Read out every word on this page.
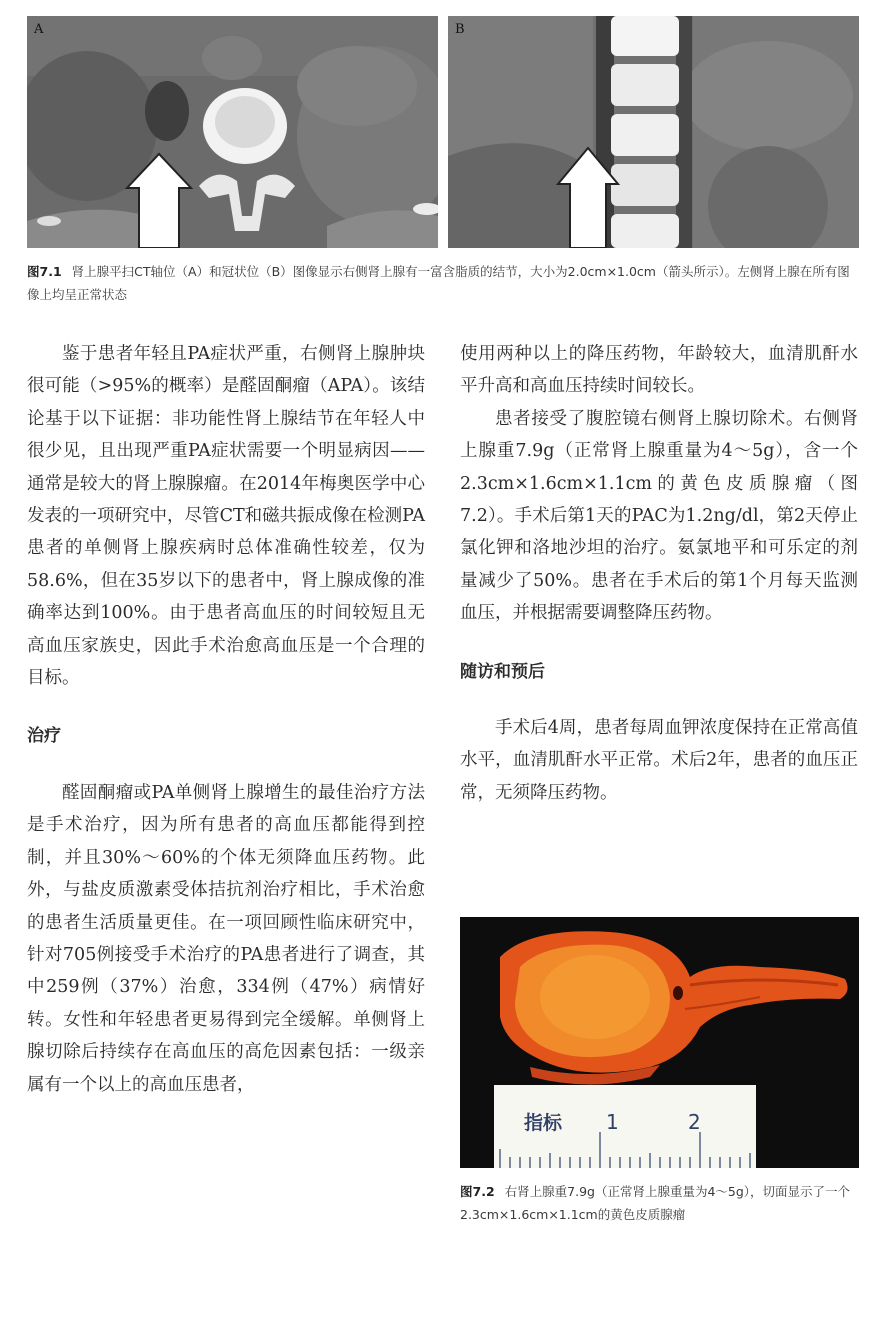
A	B
图7.1 肾上腺平扫CT轴位（A）和冠状位（B）图像显示右侧肾上腺有一富含脂质的结节，大小为2.0cm×1.0cm（箭头所示）。左侧肾上腺在所有图像上均呈正常状态

鉴于患者年轻且PA症状严重，右侧肾上腺肿块很可能（>95%的概率）是醛固酮瘤（APA）。该结论基于以下证据：非功能性肾上腺结节在年轻人中很少见，且出现严重PA症状需要一个明显病因——通常是较大的肾上腺腺瘤。在2014年梅奥医学中心发表的一项研究中，尽管CT和磁共振成像在检测PA患者的单侧肾上腺疾病时总体准确性较差，仅为58.6%，但在35岁以下的患者中，肾上腺成像的准确率达到100%。由于患者高血压的时间较短且无高血压家族史，因此手术治愈高血压是一个合理的目标。

治疗

醛固酮瘤或PA单侧肾上腺增生的最佳治疗方法是手术治疗，因为所有患者的高血压都能得到控制，并且30%～60%的个体无须降血压药物。此外，与盐皮质激素受体拮抗剂治疗相比，手术治愈的患者生活质量更佳。在一项回顾性临床研究中，针对705例接受手术治疗的PA患者进行了调查，其中259例（37%）治愈，334例（47%）病情好转。女性和年轻患者更易得到完全缓解。单侧肾上腺切除后持续存在高血压的高危因素包括：一级亲属有一个以上的高血压患者，

使用两种以上的降压药物，年龄较大，血清肌酐水平升高和高血压持续时间较长。

患者接受了腹腔镜右侧肾上腺切除术。右侧肾上腺重7.9g（正常肾上腺重量为4～5g），含一个2.3cm×1.6cm×1.1cm的黄色皮质腺瘤（图7.2）。手术后第1天的PAC为1.2ng/dl，第2天停止氯化钾和洛地沙坦的治疗。氨氯地平和可乐定的剂量减少了50%。患者在手术后的第1个月每天监测血压，并根据需要调整降压药物。

随访和预后

手术后4周，患者每周血钾浓度保持在正常高值水平，血清肌酐水平正常。术后2年，患者的血压正常，无须降压药物。

指标 1	2
图7.2 右肾上腺重7.9g（正常肾上腺重量为4～5g），切面显示了一个2.3cm×1.6cm×1.1cm的黄色皮质腺瘤
